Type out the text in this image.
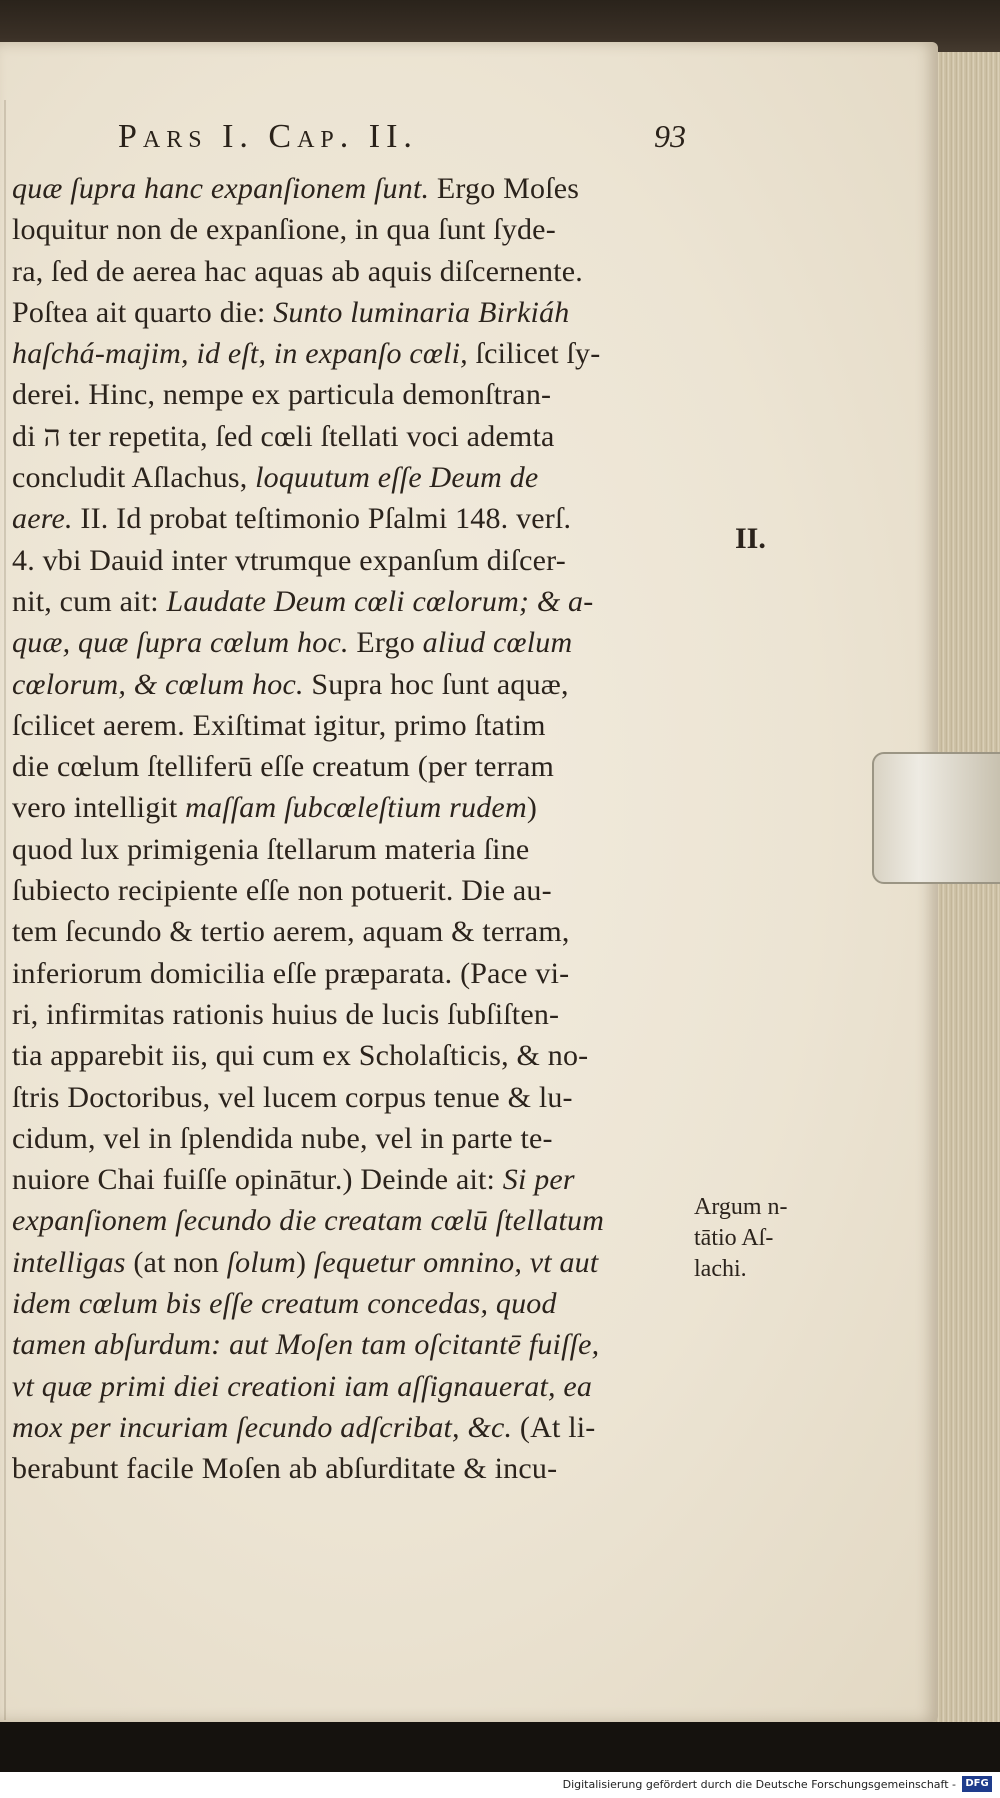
Pars I. Cap. II.	93
quæ ſupra hanc expanſionem ſunt. Ergo Moſes
loquitur non de expanſione, in qua ſunt ſyde-
ra, ſed de aerea hac aquas ab aquis diſcernente.
Poſtea ait quarto die: Sunto luminaria Birkiáh
haſchá-majim, id eſt, in expanſo cœli, ſcilicet ſy-
derei. Hinc, nempe ex particula demonſtran-
di ה ter repetita, ſed cœli ſtellati voci ademta
concludit Aſlachus, loquutum eſſe Deum de
aere. II. Id probat teſtimonio Pſalmi 148. verſ.
4. vbi Dauid inter vtrumque expanſum diſcer-
nit, cum ait: Laudate Deum cœli cœlorum; & a-
quæ, quæ ſupra cœlum hoc. Ergo aliud cœlum
cœlorum, & cœlum hoc. Supra hoc ſunt aquæ,
ſcilicet aerem. Exiſtimat igitur, primo ſtatim
die cœlum ſtelliferū eſſe creatum (per terram
vero intelligit maſſam ſubcœleſtium rudem)
quod lux primigenia ſtellarum materia ſine
ſubiecto recipiente eſſe non potuerit. Die au-
tem ſecundo & tertio aerem, aquam & terram,
inferiorum domicilia eſſe præparata. (Pace vi-
ri, infirmitas rationis huius de lucis ſubſiſten-
tia apparebit iis, qui cum ex Scholaſticis, & no-
ſtris Doctoribus, vel lucem corpus tenue & lu-
cidum, vel in ſplendida nube, vel in parte te-
nuiore Chai fuiſſe opinātur.) Deinde ait: Si per
expanſionem ſecundo die creatam cœlū ſtellatum
intelligas (at non ſolum) ſequetur omnino, vt aut
idem cœlum bis eſſe creatum concedas, quod
tamen abſurdum: aut Moſen tam oſcitantē fuiſſe,
vt quæ primi diei creationi iam aſſignauerat, ea
mox per incuriam ſecundo adſcribat, &c. (At li-
berabunt facile Moſen ab abſurditate & incu-
II.
Argum n-
tātio Aſ-
lachi.
Digitalisierung gefördert durch die Deutsche Forschungsgemeinschaft - DFG
